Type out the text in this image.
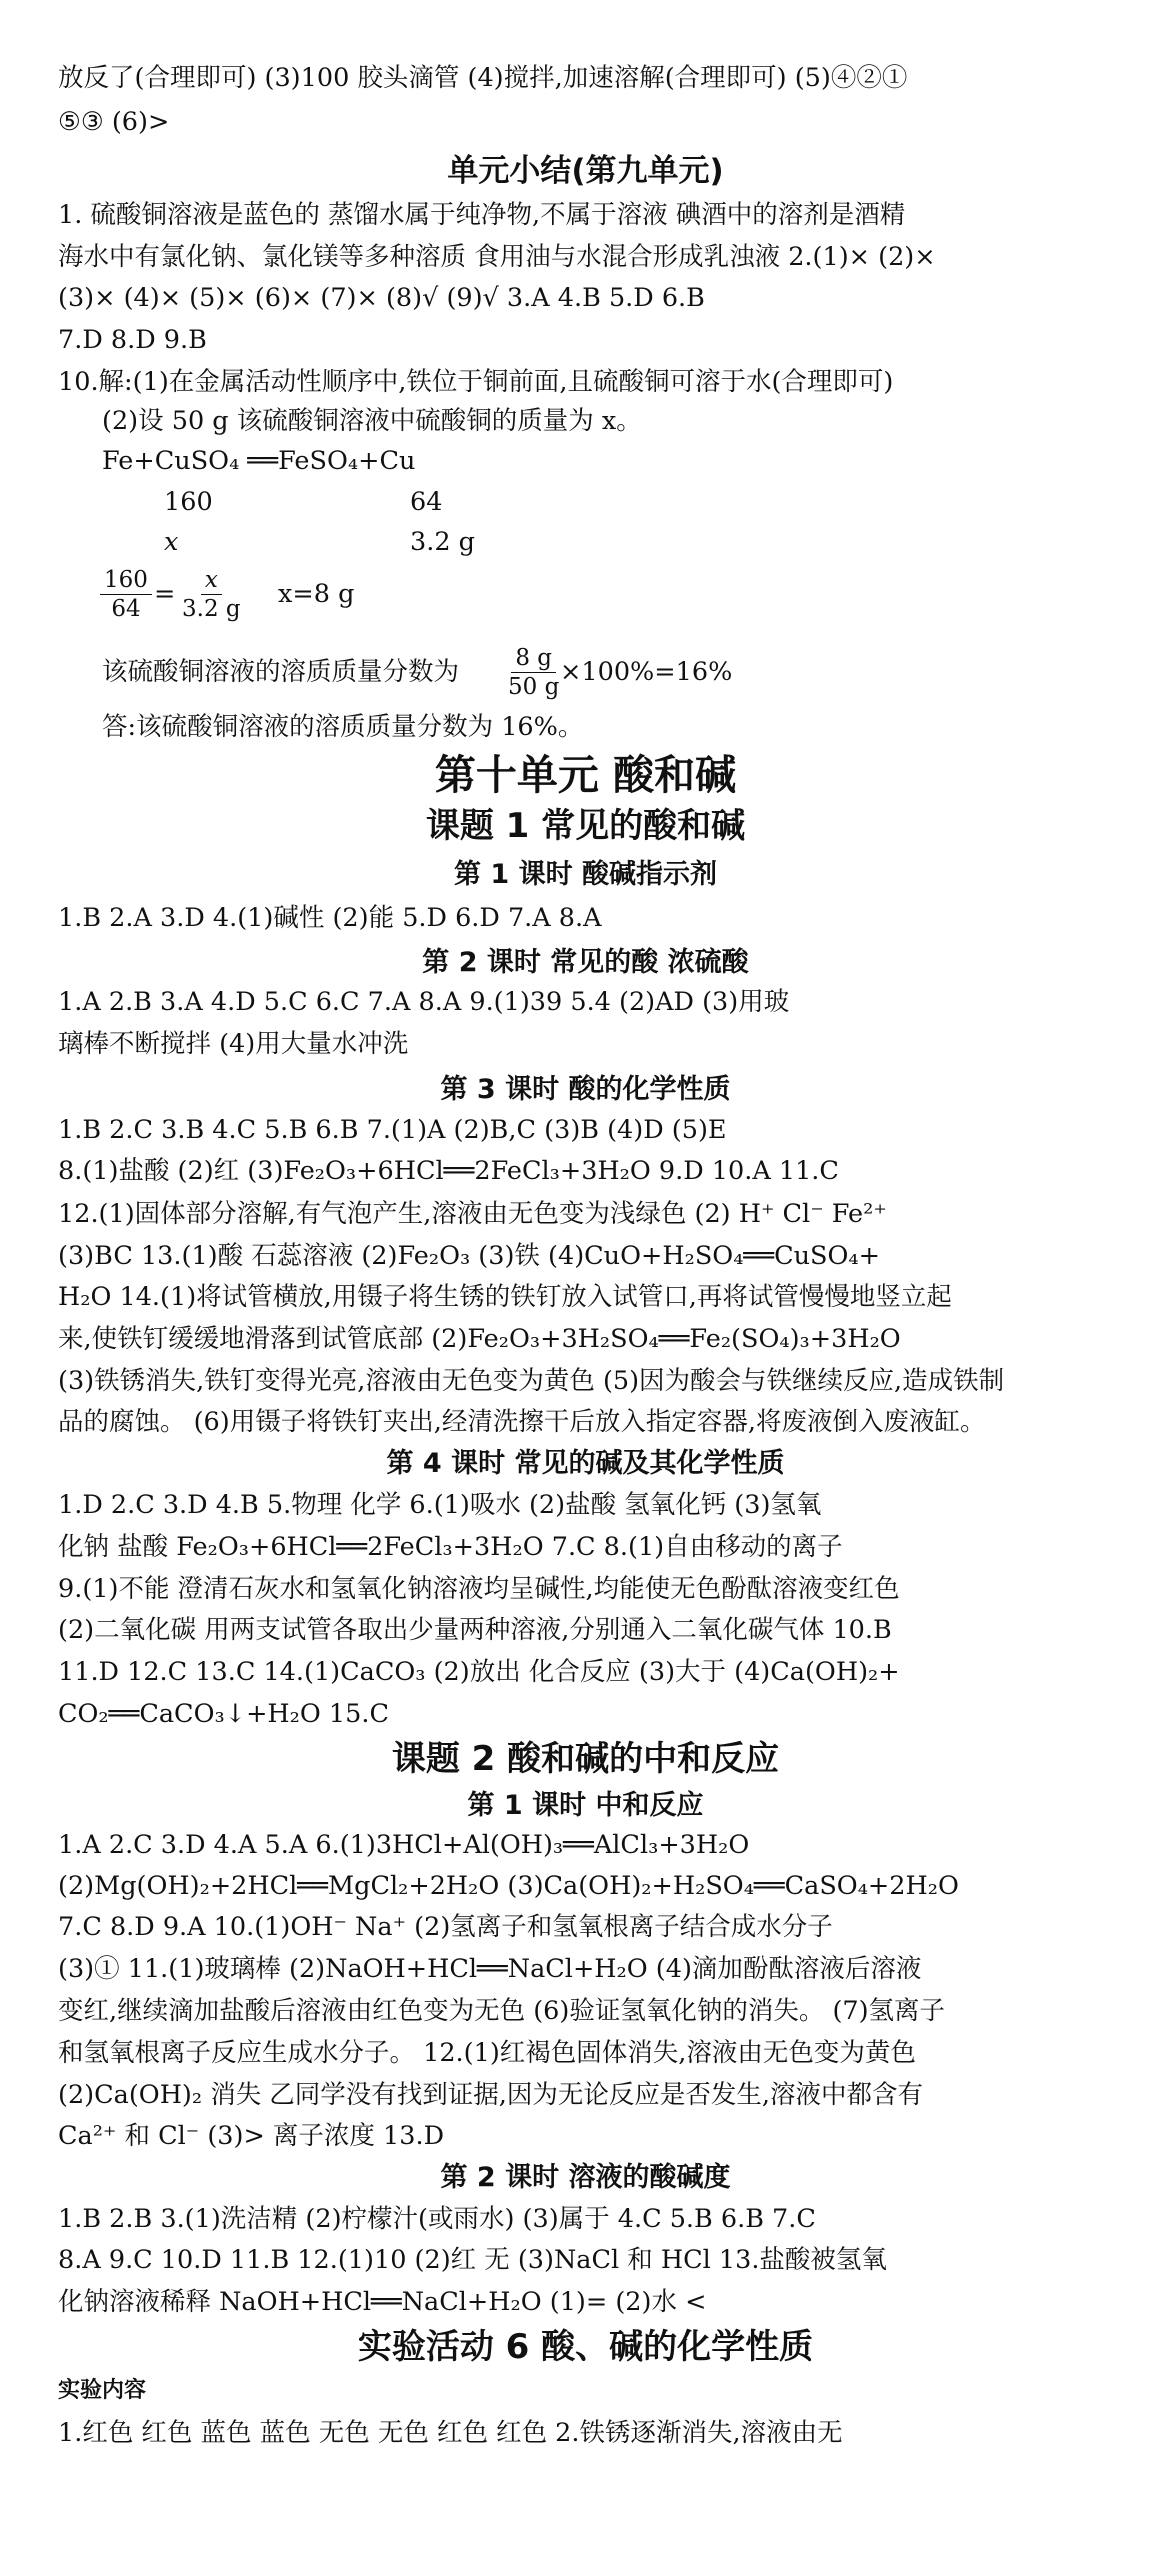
放反了(合理即可) (3)100 胶头滴管 (4)搅拌,加速溶解(合理即可) (5)④②①
⑤③ (6)>
单元小结(第九单元)
1. 硫酸铜溶液是蓝色的 蒸馏水属于纯净物,不属于溶液 碘酒中的溶剂是酒精
海水中有氯化钠、氯化镁等多种溶质 食用油与水混合形成乳浊液 2.(1)× (2)×
(3)× (4)× (5)× (6)× (7)× (8)√ (9)√ 3.A 4.B 5.D 6.B
7.D 8.D 9.B
10.解:(1)在金属活动性顺序中,铁位于铜前面,且硫酸铜可溶于水(合理即可)
(2)设 50 g 该硫酸铜溶液中硫酸铜的质量为 x。
Fe+CuSO₄ ══FeSO₄+Cu
160	64
x	3.2 g
$\frac{160}{64} = \frac{x}{3.2 g} x=8$ g
该硫酸铜溶液的溶质质量分数为 $\frac{8 g}{50 g}$
×100%=16%
答:该硫酸铜溶液的溶质质量分数为 16%。
第十单元 酸和碱
课题 1 常见的酸和碱
第 1 课时 酸碱指示剂
1.B 2.A 3.D 4.(1)碱性 (2)能 5.D 6.D 7.A 8.A
第 2 课时 常见的酸 浓硫酸
1.A 2.B 3.A 4.D 5.C 6.C 7.A 8.A 9.(1)39 5.4 (2)AD (3)用玻
璃棒不断搅拌 (4)用大量水冲洗
第 3 课时 酸的化学性质
1.B 2.C 3.B 4.C 5.B 6.B 7.(1)A (2)B,C (3)B (4)D (5)E
8.(1)盐酸 (2)红 (3)Fe₂O₃+6HCl══2FeCl₃+3H₂O 9.D 10.A 11.C
12.(1)固体部分溶解,有气泡产生,溶液由无色变为浅绿色 (2) H⁺ Cl⁻ Fe²⁺
(3)BC 13.(1)酸 石蕊溶液 (2)Fe₂O₃ (3)铁 (4)CuO+H₂SO₄══CuSO₄+
H₂O 14.(1)将试管横放,用镊子将生锈的铁钉放入试管口,再将试管慢慢地竖立起
来,使铁钉缓缓地滑落到试管底部 (2)Fe₂O₃+3H₂SO₄══Fe₂(SO₄)₃+3H₂O
(3)铁锈消失,铁钉变得光亮,溶液由无色变为黄色 (5)因为酸会与铁继续反应,造成铁制
品的腐蚀。 (6)用镊子将铁钉夹出,经清洗擦干后放入指定容器,将废液倒入废液缸。
第 4 课时 常见的碱及其化学性质
1.D 2.C 3.D 4.B 5.物理 化学 6.(1)吸水 (2)盐酸 氢氧化钙 (3)氢氧
化钠 盐酸 Fe₂O₃+6HCl══2FeCl₃+3H₂O 7.C 8.(1)自由移动的离子
9.(1)不能 澄清石灰水和氢氧化钠溶液均呈碱性,均能使无色酚酞溶液变红色
(2)二氧化碳 用两支试管各取出少量两种溶液,分别通入二氧化碳气体 10.B
11.D 12.C 13.C 14.(1)CaCO₃ (2)放出 化合反应 (3)大于 (4)Ca(OH)₂+
CO₂══CaCO₃↓+H₂O 15.C
课题 2 酸和碱的中和反应
第 1 课时 中和反应
1.A 2.C 3.D 4.A 5.A 6.(1)3HCl+Al(OH)₃══AlCl₃+3H₂O
(2)Mg(OH)₂+2HCl══MgCl₂+2H₂O (3)Ca(OH)₂+H₂SO₄══CaSO₄+2H₂O
7.C 8.D 9.A 10.(1)OH⁻ Na⁺ (2)氢离子和氢氧根离子结合成水分子
(3)① 11.(1)玻璃棒 (2)NaOH+HCl══NaCl+H₂O (4)滴加酚酞溶液后溶液
变红,继续滴加盐酸后溶液由红色变为无色 (6)验证氢氧化钠的消失。 (7)氢离子
和氢氧根离子反应生成水分子。 12.(1)红褐色固体消失,溶液由无色变为黄色
(2)Ca(OH)₂ 消失 乙同学没有找到证据,因为无论反应是否发生,溶液中都含有
Ca²⁺ 和 Cl⁻ (3)> 离子浓度 13.D
第 2 课时 溶液的酸碱度
1.B 2.B 3.(1)洗洁精 (2)柠檬汁(或雨水) (3)属于 4.C 5.B 6.B 7.C
8.A 9.C 10.D 11.B 12.(1)10 (2)红 无 (3)NaCl 和 HCl 13.盐酸被氢氧
化钠溶液稀释 NaOH+HCl══NaCl+H₂O (1)= (2)水 <
实验活动 6 酸、碱的化学性质
实验内容
1.红色 红色 蓝色 蓝色 无色 无色 红色 红色 2.铁锈逐渐消失,溶液由无
